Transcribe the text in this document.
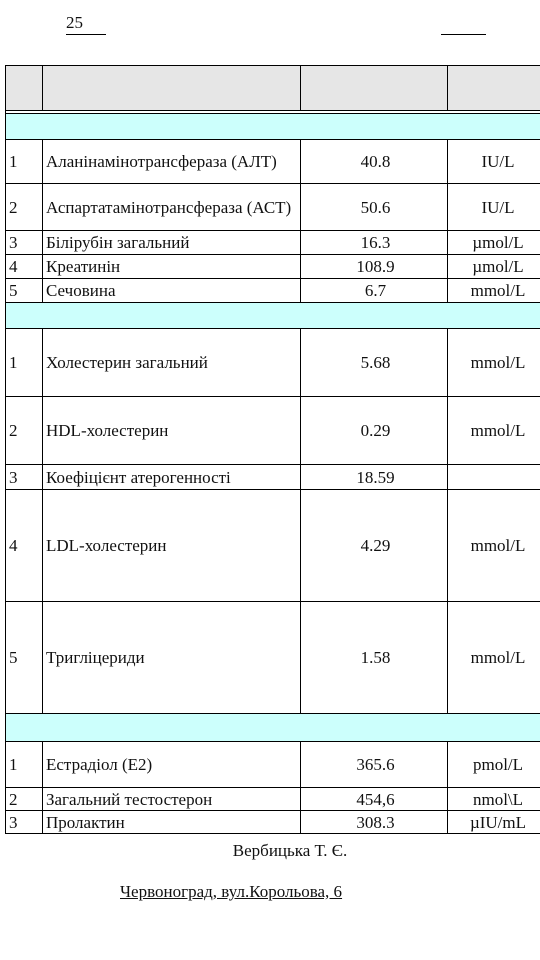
25

1	Аланінамінотрансфераза (АЛТ)	40.8	IU/L
2	Аспартатамінотрансфераза (АСТ)	50.6	IU/L
3	Білірубін загальний	16.3	µmol/L
4	Креатинін	108.9	µmol/L
5	Сечовина	6.7	mmol/L

1	Холестерин загальний	5.68	mmol/L
2	HDL-холестерин	0.29	mmol/L
3	Коефіцієнт атерогенності	18.59	
4	LDL-холестерин	4.29	mmol/L
5	Тригліцериди	1.58	mmol/L

1	Естрадіол (Е2)	365.6	pmol/L
2	Загальний тестостерон	454,6	nmol\L
3	Пролактин	308.3	µIU/mL
Вербицька Т. Є.
Червоноград, вул.Корольова, 6
